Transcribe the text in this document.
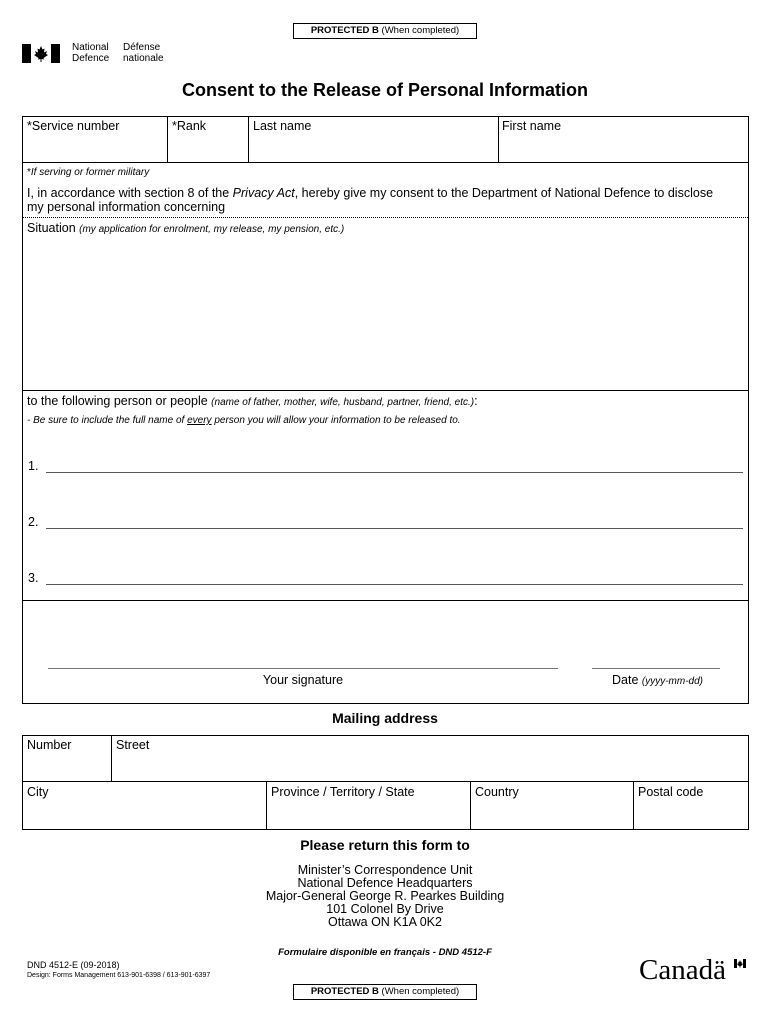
PROTECTED B (When completed)
National
Defence
Défense
nationale
Consent to the Release of Personal Information
*Service number	*Rank	Last name	First name
*If serving or former military
I, in accordance with section 8 of the Privacy Act, hereby give my consent to the Department of National Defence to disclose
my personal information concerning
Situation (my application for enrolment, my release, my pension, etc.)
to the following person or people (name of father, mother, wife, husband, partner, friend, etc.):
- Be sure to include the full name of every person you will allow your information to be released to.
1.
2.
3.
Your signature	Date (yyyy-mm-dd)
Mailing address
Number	Street
City	Province / Territory / State	Country	Postal code
Please return this form to
Minister’s Correspondence Unit
National Defence Headquarters
Major-General George R. Pearkes Building
101 Colonel By Drive
Ottawa ON K1A 0K2
Formulaire disponible en français - DND 4512-F
DND 4512-E (09-2018)
Design: Forms Management 613-901-6398 / 613-901-6397	Canadä
PROTECTED B (When completed)
